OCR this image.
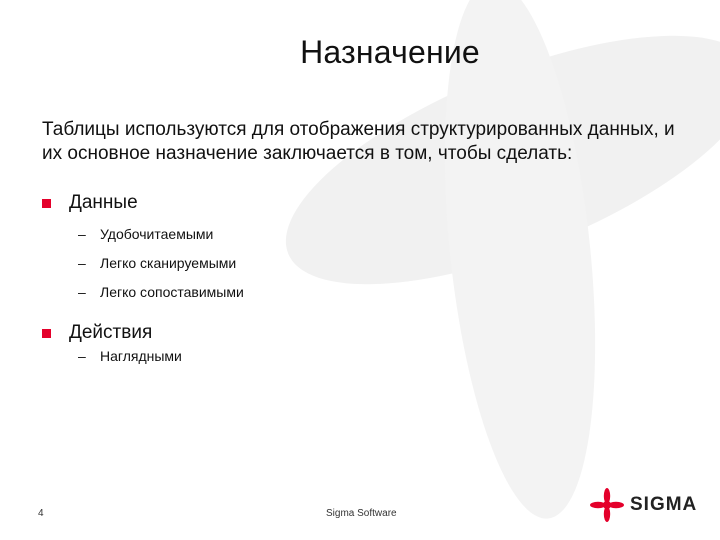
Назначение
Таблицы используются для отображения структурированных данных, и их основное назначение заключается в том, чтобы сделать:
Данные
– Удобочитаемыми
– Легко сканируемыми
– Легко сопоставимыми
Действия
– Наглядными
4	Sigma Software	SIGMA
